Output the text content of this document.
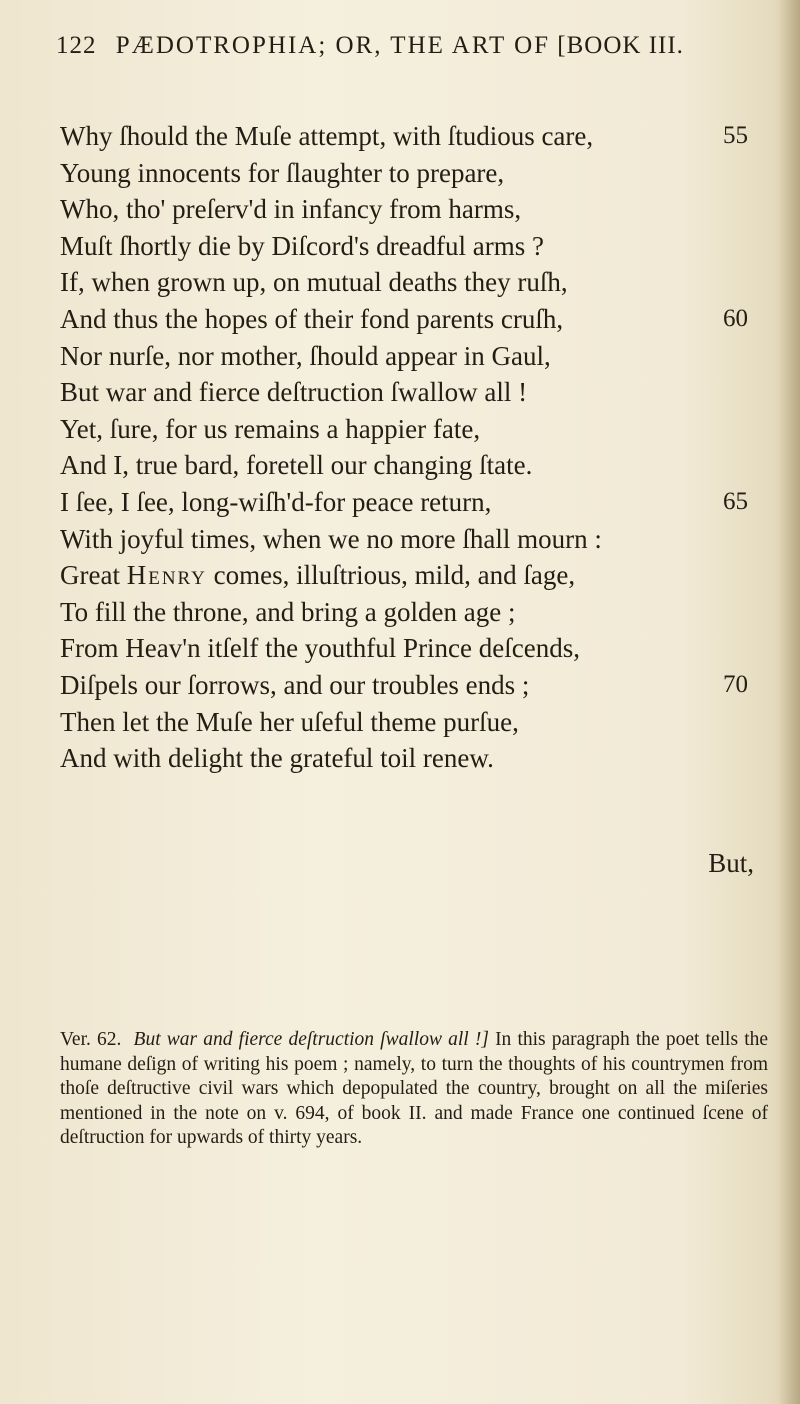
122 PÆDOTROPHIA; OR, THE ART OF [BOOK III.
Why ſhould the Muſe attempt, with ſtudious care,	55
Young innocents for ſlaughter to prepare,
Who, tho' preſerv'd in infancy from harms,
Muſt ſhortly die by Diſcord's dreadful arms ?
If, when grown up, on mutual deaths they ruſh,
And thus the hopes of their fond parents cruſh,	60
Nor nurſe, nor mother, ſhould appear in Gaul,
But war and fierce deſtruction ſwallow all !
Yet, ſure, for us remains a happier fate,
And I, true bard, foretell our changing ſtate.
I ſee, I ſee, long-wiſh'd-for peace return,	65
With joyful times, when we no more ſhall mourn :
Great Henry comes, illuſtrious, mild, and ſage,
To fill the throne, and bring a golden age ;
From Heav'n itſelf the youthful Prince deſcends,
Diſpels our ſorrows, and our troubles ends ;	70
Then let the Muſe her uſeful theme purſue,
And with delight the grateful toil renew.
But,
Ver. 62. But war and fierce deſtruction ſwallow all !] In this paragraph the poet tells the humane deſign of writing his poem ; namely, to turn the thoughts of his countrymen from thoſe deſtructive civil wars which depopulated the country, brought on all the miſeries mentioned in the note on v. 694, of book II. and made France one continued ſcene of deſtruction for upwards of thirty years.
